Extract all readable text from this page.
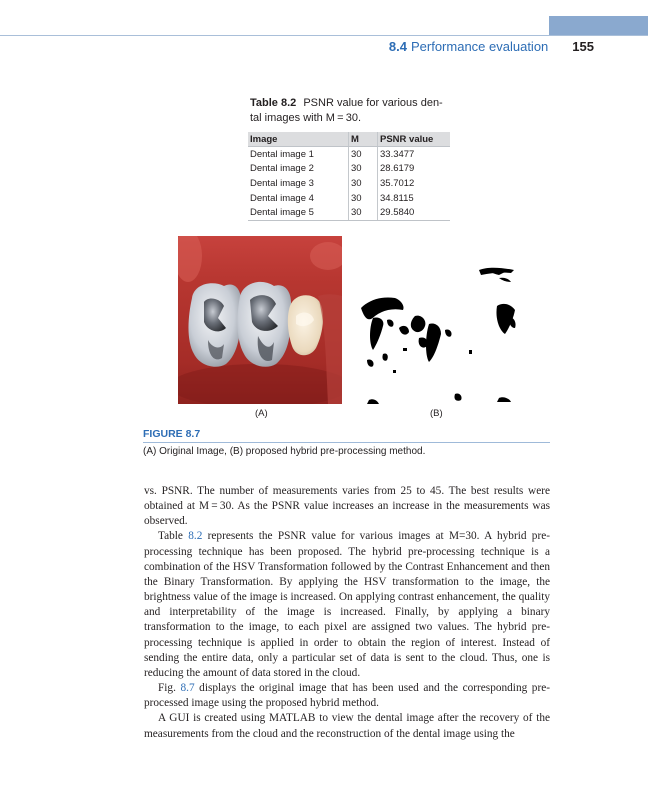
8.4 Performance evaluation 155
Table 8.2 PSNR value for various den-
tal images with M = 30.
Image	M	PSNR value
Dental image 1	30	33.3477
Dental image 2	30	28.6179
Dental image 3	30	35.7012
Dental image 4	30	34.8115
Dental image 5	30	29.5840
(A)	(B)
FIGURE 8.7
(A) Original Image, (B) proposed hybrid pre-processing method.

vs. PSNR. The number of measurements varies from 25 to 45. The best results were obtained at M = 30. As the PSNR value increases an increase in the measurements was observed.

Table 8.2 represents the PSNR value for various images at M=30. A hybrid pre-processing technique has been proposed. The hybrid pre-processing technique is a combination of the HSV Transformation followed by the Contrast Enhancement and then the Binary Transformation. By applying the HSV transformation to the image, the brightness value of the image is increased. On applying contrast enhancement, the quality and interpretability of the image is increased. Finally, by applying a binary transformation to the image, to each pixel are assigned two values. The hybrid pre-processing technique is applied in order to obtain the region of interest. Instead of sending the entire data, only a particular set of data is sent to the cloud. Thus, one is reducing the amount of data stored in the cloud.

Fig. 8.7 displays the original image that has been used and the corresponding pre-processed image using the proposed hybrid method.

A GUI is created using MATLAB to view the dental image after the recovery of the measurements from the cloud and the reconstruction of the dental image using the
